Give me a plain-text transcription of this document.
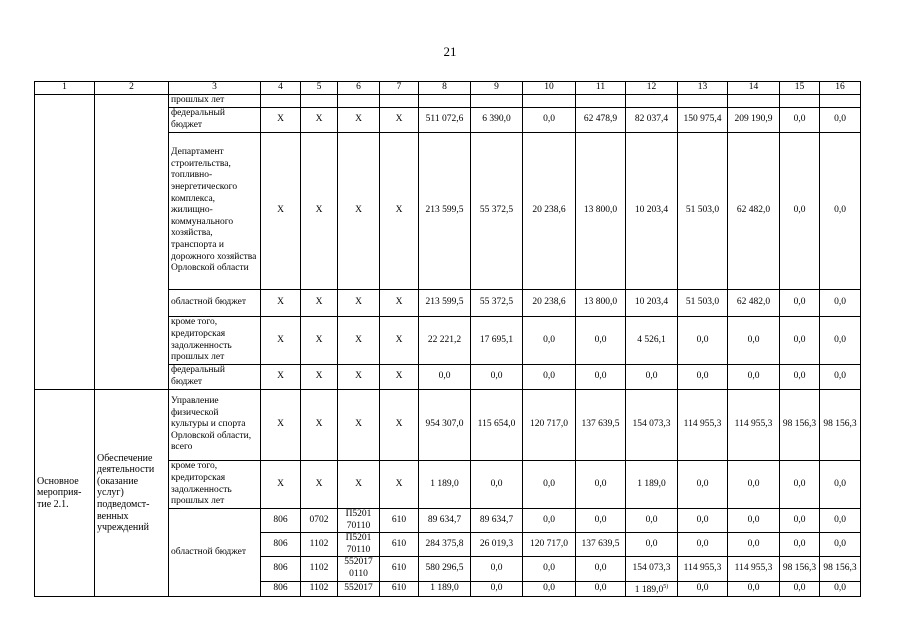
21
1	2	3	4	5	6	7	8	9	10	11	12	13	14	15	16
		прошлых лет													
		федеральный бюджет	X	X	X	X	511 072,6	6 390,0	0,0	62 478,9	82 037,4	150 975,4	209 190,9	0,0	0,0
		Департамент строительства, топливно-энергетического комплекса, жилищно-коммунального хозяйства, транспорта и дорожного хозяйства Орловской области	X	X	X	X	213 599,5	55 372,5	20 238,6	13 800,0	10 203,4	51 503,0	62 482,0	0,0	0,0
		областной бюджет	X	X	X	X	213 599,5	55 372,5	20 238,6	13 800,0	10 203,4	51 503,0	62 482,0	0,0	0,0
		кроме того, кредиторская задолженность прошлых лет	X	X	X	X	22 221,2	17 695,1	0,0	0,0	4 526,1	0,0	0,0	0,0	0,0
		федеральный бюджет	X	X	X	X	0,0	0,0	0,0	0,0	0,0	0,0	0,0	0,0	0,0
Основное мероприя-тие 2.1.	Обеспечение деятельности (оказание услуг) подведомст-венных учреждений	Управление физической культуры и спорта Орловской области, всего	X	X	X	X	954 307,0	115 654,0	120 717,0	137 639,5	154 073,3	114 955,3	114 955,3	98 156,3	98 156,3
		кроме того, кредиторская задолженность прошлых лет	X	X	X	X	1 189,0	0,0	0,0	0,0	1 189,0	0,0	0,0	0,0	0,0
		областной бюджет	806	0702	П5201 70110	610	89 634,7	89 634,7	0,0	0,0	0,0	0,0	0,0	0,0	0,0
			806	1102	П5201 70110	610	284 375,8	26 019,3	120 717,0	137 639,5	0,0	0,0	0,0	0,0	0,0
			806	1102	552017 0110	610	580 296,5	0,0	0,0	0,0	154 073,3	114 955,3	114 955,3	98 156,3	98 156,3
			806	1102	552017	610	1 189,0	0,0	0,0	0,0	1 189,0$^{5)}$	0,0	0,0	0,0	0,0
